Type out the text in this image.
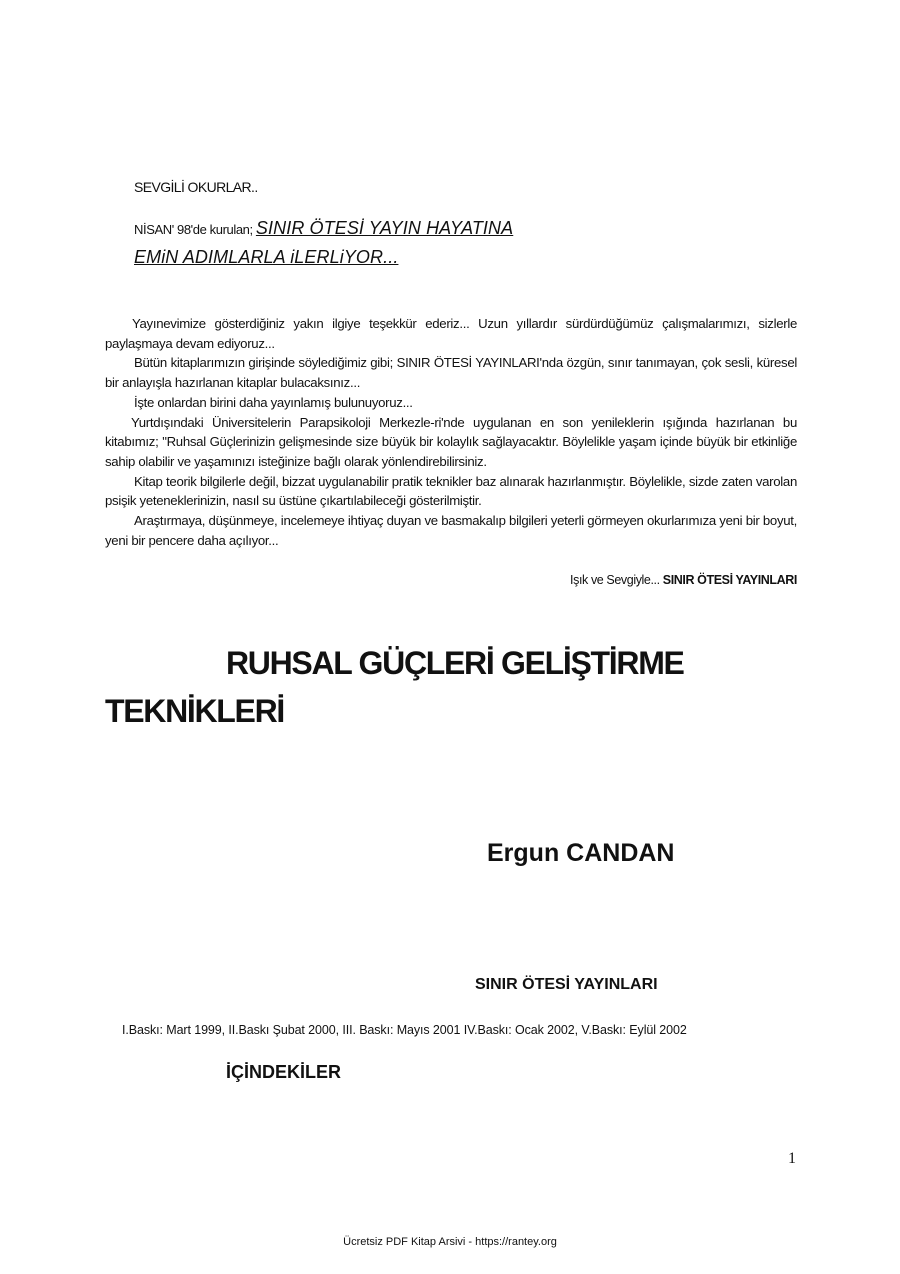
SEVGİLİ OKURLAR..
NİSAN' 98'de kurulan; SINIR ÖTESİ YAYIN HAYATINA
EMiN ADIMLARLA iLERLiYOR...

Yayınevimize gösterdiğiniz yakın ilgiye teşekkür ederiz... Uzun yıllardır sürdürdüğümüz çalışmalarımızı, sizlerle paylaşmaya devam ediyoruz...

Bütün kitaplarımızın girişinde söylediğimiz gibi; SINIR ÖTESİ YAYINLARI'nda özgün, sınır tanımayan, çok sesli, küresel bir anlayışla hazırlanan kitaplar bulacaksınız...

İşte onlardan birini daha yayınlamış bulunuyoruz...

Yurtdışındaki Üniversitelerin Parapsikoloji Merkezle-ri'nde uygulanan en son yenileklerin ışığında hazırlanan bu kitabımız; "Ruhsal Güçlerinizin gelişmesinde size büyük bir kolaylık sağlayacaktır. Böylelikle yaşam içinde büyük bir etkinliğe sahip olabilir ve yaşamınızı isteğinize bağlı olarak yönlendirebilirsiniz.

Kitap teorik bilgilerle değil, bizzat uygulanabilir pratik teknikler baz alınarak hazırlanmıştır. Böylelikle, sizde zaten varolan psişik yeteneklerinizin, nasıl su üstüne çıkartılabileceği gösterilmiştir.

Araştırmaya, düşünmeye, incelemeye ihtiyaç duyan ve basmakalıp bilgileri yeterli görmeyen okurlarımıza yeni bir boyut, yeni bir pencere daha açılıyor...

Işık ve Sevgiyle... SINIR ÖTESİ YAYINLARI
RUHSAL GÜÇLERİ GELİŞTİRME
TEKNİKLERİ
Ergun CANDAN
SINIR ÖTESİ YAYINLARI
I.Baskı: Mart 1999, II.Baskı Şubat 2000, III. Baskı: Mayıs 2001 IV.Baskı: Ocak 2002, V.Baskı: Eylül 2002
İÇİNDEKİLER
1
Ücretsiz PDF Kitap Arsivi - https://rantey.org
